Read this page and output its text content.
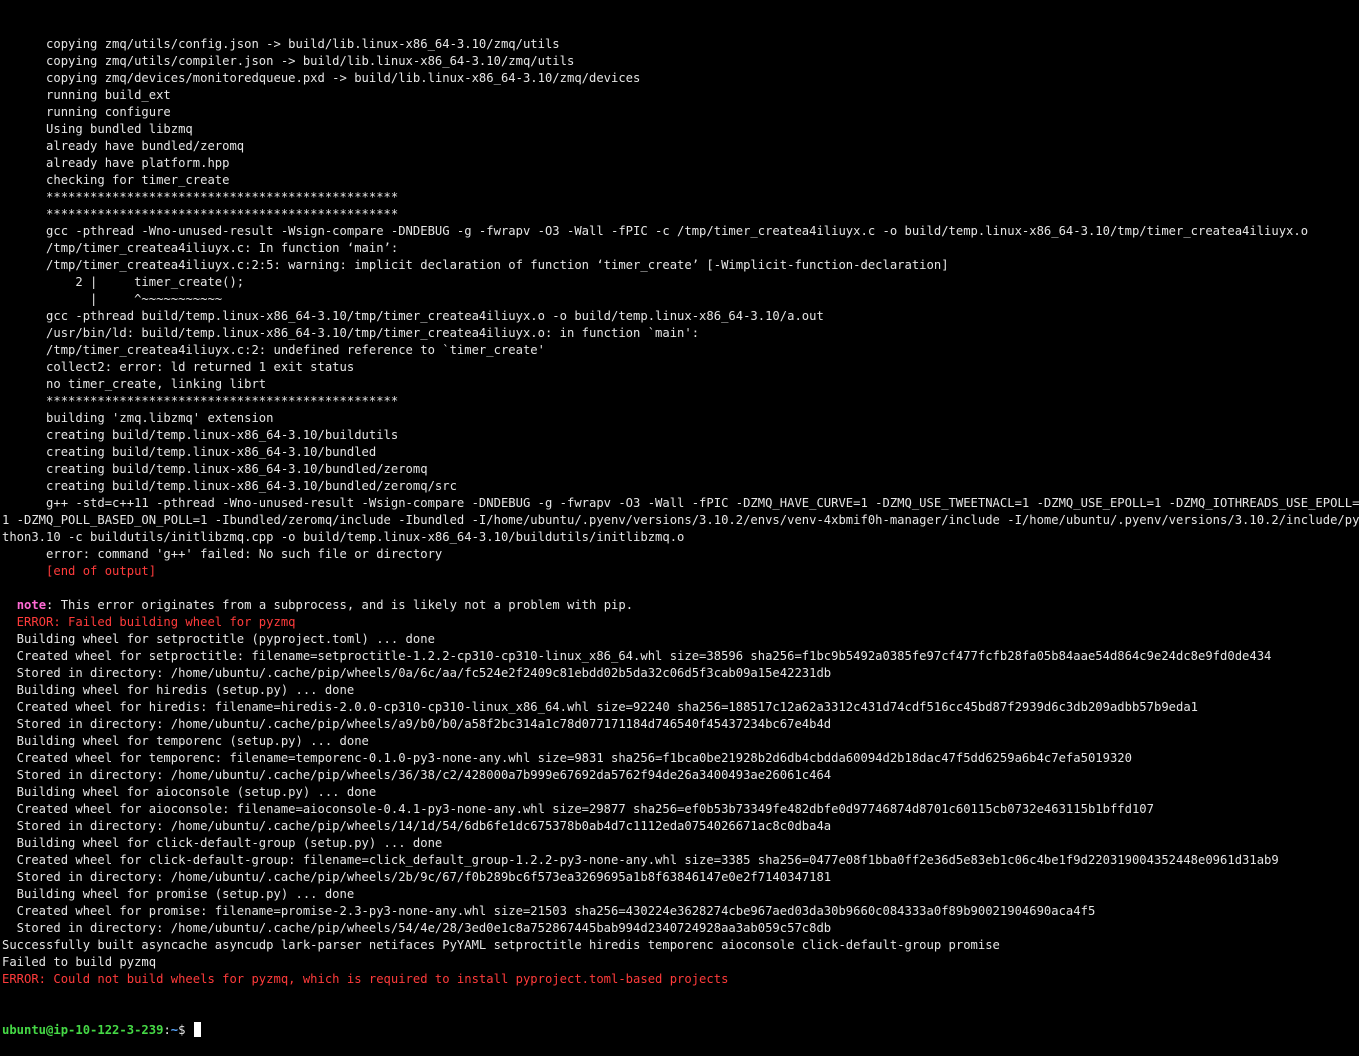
copying zmq/utils/config.json -> build/lib.linux-x86_64-3.10/zmq/utils
copying zmq/utils/compiler.json -> build/lib.linux-x86_64-3.10/zmq/utils
copying zmq/devices/monitoredqueue.pxd -> build/lib.linux-x86_64-3.10/zmq/devices
running build_ext
running configure
Using bundled libzmq
already have bundled/zeromq
already have platform.hpp
checking for timer_create
************************************************
************************************************
gcc -pthread -Wno-unused-result -Wsign-compare -DNDEBUG -g -fwrapv -O3 -Wall -fPIC -c /tmp/timer_createa4iliuyx.c -o build/temp.linux-x86_64-3.10/tmp/timer_createa4iliuyx.o
/tmp/timer_createa4iliuyx.c: In function ‘main’:
/tmp/timer_createa4iliuyx.c:2:5: warning: implicit declaration of function ‘timer_create’ [-Wimplicit-function-declaration]
2 |     timer_create();
|     ^~~~~~~~~~~~
gcc -pthread build/temp.linux-x86_64-3.10/tmp/timer_createa4iliuyx.o -o build/temp.linux-x86_64-3.10/a.out
/usr/bin/ld: build/temp.linux-x86_64-3.10/tmp/timer_createa4iliuyx.o: in function `main':
/tmp/timer_createa4iliuyx.c:2: undefined reference to `timer_create'
collect2: error: ld returned 1 exit status
no timer_create, linking librt
************************************************
building 'zmq.libzmq' extension
creating build/temp.linux-x86_64-3.10/buildutils
creating build/temp.linux-x86_64-3.10/bundled
creating build/temp.linux-x86_64-3.10/bundled/zeromq
creating build/temp.linux-x86_64-3.10/bundled/zeromq/src
g++ -std=c++11 -pthread -Wno-unused-result -Wsign-compare -DNDEBUG -g -fwrapv -O3 -Wall -fPIC -DZMQ_HAVE_CURVE=1 -DZMQ_USE_TWEETNACL=1 -DZMQ_USE_EPOLL=1 -DZMQ_IOTHREADS_USE_EPOLL=
1 -DZMQ_POLL_BASED_ON_POLL=1 -Ibundled/zeromq/include -Ibundled -I/home/ubuntu/.pyenv/versions/3.10.2/envs/venv-4xbmif0h-manager/include -I/home/ubuntu/.pyenv/versions/3.10.2/include/py
thon3.10 -c buildutils/initlibzmq.cpp -o build/temp.linux-x86_64-3.10/buildutils/initlibzmq.o
error: command 'g++' failed: No such file or directory
[end of output]
note: This error originates from a subprocess, and is likely not a problem with pip.
ERROR: Failed building wheel for pyzmq
Building wheel for setproctitle (pyproject.toml) ... done
Created wheel for setproctitle: filename=setproctitle-1.2.2-cp310-cp310-linux_x86_64.whl size=38596 sha256=f1bc9b5492a0385fe97cf477fcfb28fa05b84aae54d864c9e24dc8e9fd0de434
Stored in directory: /home/ubuntu/.cache/pip/wheels/0a/6c/aa/fc524e2f2409c81ebdd02b5da32c06d5f3cab09a15e42231db
Building wheel for hiredis (setup.py) ... done
Created wheel for hiredis: filename=hiredis-2.0.0-cp310-cp310-linux_x86_64.whl size=92240 sha256=188517c12a62a3312c431d74cdf516cc45bd87f2939d6c3db209adbb57b9eda1
Stored in directory: /home/ubuntu/.cache/pip/wheels/a9/b0/b0/a58f2bc314a1c78d077171184d746540f45437234bc67e4b4d
Building wheel for temporenc (setup.py) ... done
Created wheel for temporenc: filename=temporenc-0.1.0-py3-none-any.whl size=9831 sha256=f1bca0be21928b2d6db4cbdda60094d2b18dac47f5dd6259a6b4c7efa5019320
Stored in directory: /home/ubuntu/.cache/pip/wheels/36/38/c2/428000a7b999e67692da5762f94de26a3400493ae26061c464
Building wheel for aioconsole (setup.py) ... done
Created wheel for aioconsole: filename=aioconsole-0.4.1-py3-none-any.whl size=29877 sha256=ef0b53b73349fe482dbfe0d97746874d8701c60115cb0732e463115b1bffd107
Stored in directory: /home/ubuntu/.cache/pip/wheels/14/1d/54/6db6fe1dc675378b0ab4d7c1112eda0754026671ac8c0dba4a
Building wheel for click-default-group (setup.py) ... done
Created wheel for click-default-group: filename=click_default_group-1.2.2-py3-none-any.whl size=3385 sha256=0477e08f1bba0ff2e36d5e83eb1c06c4be1f9d220319004352448e0961d31ab9
Stored in directory: /home/ubuntu/.cache/pip/wheels/2b/9c/67/f0b289bc6f573ea3269695a1b8f63846147e0e2f7140347181
Building wheel for promise (setup.py) ... done
Created wheel for promise: filename=promise-2.3-py3-none-any.whl size=21503 sha256=430224e3628274cbe967aed03da30b9660c084333a0f89b90021904690aca4f5
Stored in directory: /home/ubuntu/.cache/pip/wheels/54/4e/28/3ed0e1c8a752867445bab994d2340724928aa3ab059c57c8db
Successfully built asyncache asyncudp lark-parser netifaces PyYAML setproctitle hiredis temporenc aioconsole click-default-group promise
Failed to build pyzmq
ERROR: Could not build wheels for pyzmq, which is required to install pyproject.toml-based projects

ubuntu@ip-10-122-3-239:~$
